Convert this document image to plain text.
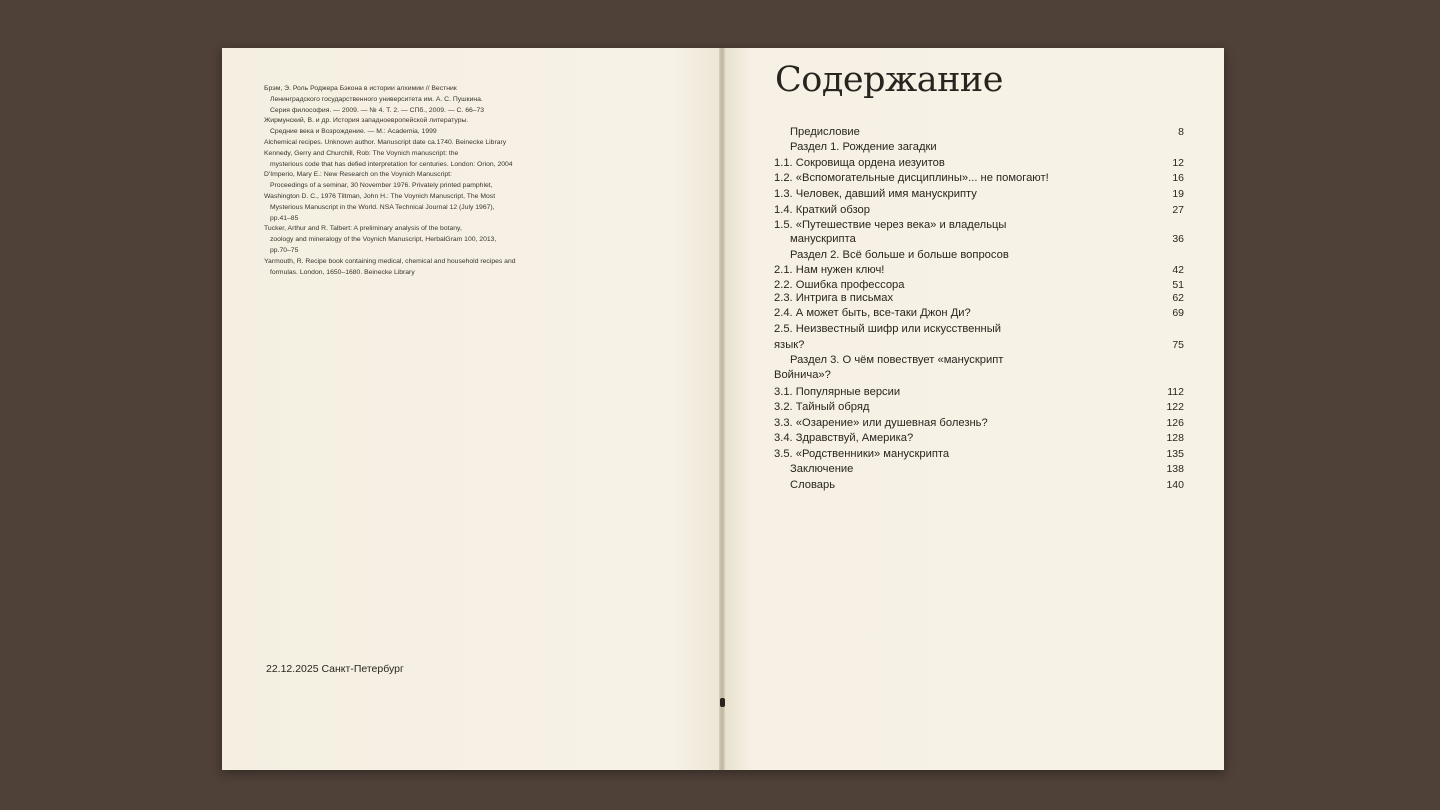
Брэм, Э. Роль Роджера Бэкона в истории алхимии // Вестник
Ленинградского государственного университета им. А. С. Пушкина.
Серия философия. — 2009. — № 4. Т. 2. — СПб., 2009. — С. 66–73
Жирмунский, В. и др. История западноевропейской литературы.
Средние века и Возрождение. — М.: Academia, 1999
Alchemical recipes. Unknown author. Manuscript date ca.1740. Beinecke Library
Kennedy, Gerry and Churchill, Rob: The Voynich manuscript: the
mysterious code that has defied interpretation for centuries. London: Orion, 2004
D'Imperio, Mary E.: New Research on the Voynich Manuscript:
Proceedings of a seminar, 30 November 1976. Privately printed pamphlet,
Washington D. C., 1976 Tiltman, John H.: The Voynich Manuscript, The Most
Mysterious Manuscript in the World. NSA Technical Journal 12 (July 1967),
pp.41–85
Tucker, Arthur and R. Talbert: A preliminary analysis of the botany,
zoology and mineralogy of the Voynich Manuscript, HerbalGram 100, 2013,
pp.70–75
Yarmouth, R. Recipe book containing medical, chemical and household recipes and
formulas. London, 1650–1680. Beinecke Library
22.12.2025 Санкт-Петербург
Содержание
Предисловие	8
Раздел 1. Рождение загадки
1.1. Сокровища ордена иезуитов	12
1.2. «Вспомогательные дисциплины»... не помогают!	16
1.3. Человек, давший имя манускрипту	19
1.4. Краткий обзор	27
1.5. «Путешествие через века» и владельцы
манускрипта	36
Раздел 2. Всё больше и больше вопросов
2.1. Нам нужен ключ!	42
2.2. Ошибка профессора	51
2.3. Интрига в письмах	62
2.4. А может быть, все-таки Джон Ди?	69
2.5. Неизвестный шифр или искусственный
язык?	75
Раздел 3. О чём повествует «манускрипт
Войнича»?
3.1. Популярные версии	112
3.2. Тайный обряд	122
3.3. «Озарение» или душевная болезнь?	126
3.4. Здравствуй, Америка?	128
3.5. «Родственники» манускрипта	135
Заключение	138
Словарь	140
